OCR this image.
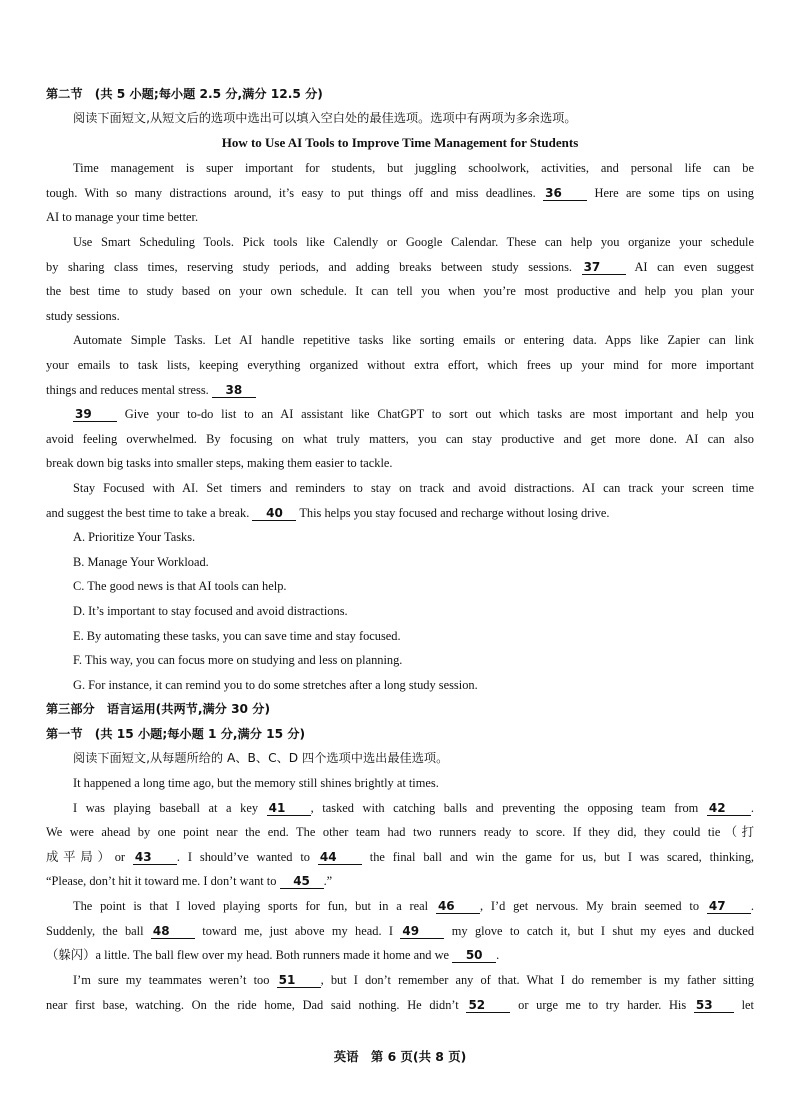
第二节　(共 5 小题;每小题 2.5 分,满分 12.5 分)
阅读下面短文,从短文后的选项中选出可以填入空白处的最佳选项。选项中有两项为多余选项。
How to Use AI Tools to Improve Time Management for Students
Time management is super important for students, but juggling schoolwork, activities, and personal life can be
tough. With so many distractions around, it’s easy to put things off and miss deadlines. 36	Here are some tips on using
AI to manage your time better.
Use Smart Scheduling Tools. Pick tools like Calendly or Google Calendar. These can help you organize your schedule
by sharing class times, reserving study periods, and adding breaks between study sessions. 37	AI can even suggest
the best time to study based on your own schedule. It can tell you when you’re most productive and help you plan your
study sessions.
Automate Simple Tasks. Let AI handle repetitive tasks like sorting emails or entering data. Apps like Zapier can link
your emails to task lists, keeping everything organized without extra effort, which frees up your mind for more important
things and reduces mental stress. 38
39	Give your to-do list to an AI assistant like ChatGPT to sort out which tasks are most important and help you
avoid feeling overwhelmed. By focusing on what truly matters, you can stay productive and get more done. AI can also
break down big tasks into smaller steps, making them easier to tackle.
Stay Focused with AI. Set timers and reminders to stay on track and avoid distractions. AI can track your screen time
and suggest the best time to take a break. 40 This helps you stay focused and recharge without losing drive.
A. Prioritize Your Tasks.
B. Manage Your Workload.
C. The good news is that AI tools can help.
D. It’s important to stay focused and avoid distractions.
E. By automating these tasks, you can save time and stay focused.
F. This way, you can focus more on studying and less on planning.
G. For instance, it can remind you to do some stretches after a long study session.
第三部分　语言运用(共两节,满分 30 分)
第一节　(共 15 小题;每小题 1 分,满分 15 分)
阅读下面短文,从每题所给的 A、B、C、D 四个选项中选出最佳选项。
It happened a long time ago, but the memory still shines brightly at times.
I was playing baseball at a key 41 , tasked with catching balls and preventing the opposing team from 42 .
We were ahead by one point near the end. The other team had two runners ready to score. If they did, they could tie（打
成平局）or 43 . I should’ve wanted to 44	the final ball and win the game for us, but I was scared, thinking,
“Please, don’t hit it toward me. I don’t want to 45 .”
The point is that I loved playing sports for fun, but in a real 46 , I’d get nervous. My brain seemed to 47 .
Suddenly, the ball 48	toward me, just above my head. I 49	my glove to catch it, but I shut my eyes and ducked
（躲闪）a little. The ball flew over my head. Both runners made it home and we 50 .
I’m sure my teammates weren’t too 51 , but I don’t remember any of that. What I do remember is my father sitting
near first base, watching. On the ride home, Dad said nothing. He didn’t 52	or urge me to try harder. His 53 let
英语　第 6 页(共 8 页)
